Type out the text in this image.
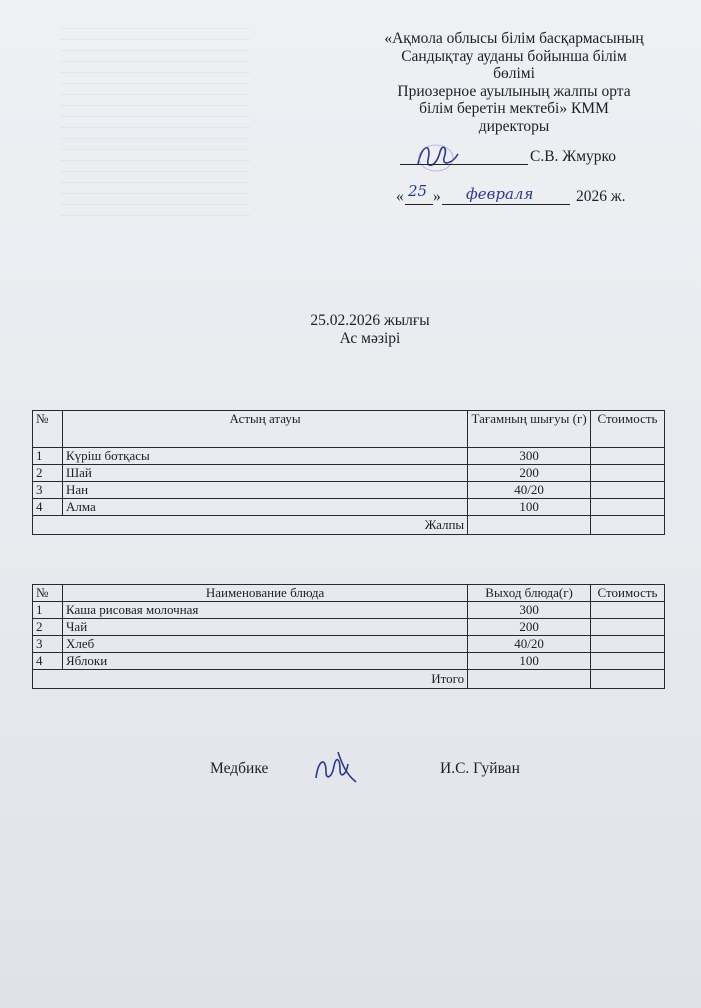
«Ақмола облысы білім басқармасының
Сандықтау ауданы бойынша білім
бөлімі
Приозерное ауылының жалпы орта
білім беретін мектебі» КММ
директоры
С.В. Жмурко
« 25 » февраля	2026 ж.
25.02.2026 жылғы
Ас мәзірі
№	Астың атауы	Тағамның шығуы (г)	Стоимость
1	Күріш ботқасы	300	
2	Шай	200	
3	Нан	40/20	
4	Алма	100	
Жалпы			
№	Наименование блюда	Выход блюда(г)	Стоимость
1	Каша рисовая молочная	300	
2	Чай	200	
3	Хлеб	40/20	
4	Яблоки	100	
Итого			
Медбике	И.С. Гуйван
